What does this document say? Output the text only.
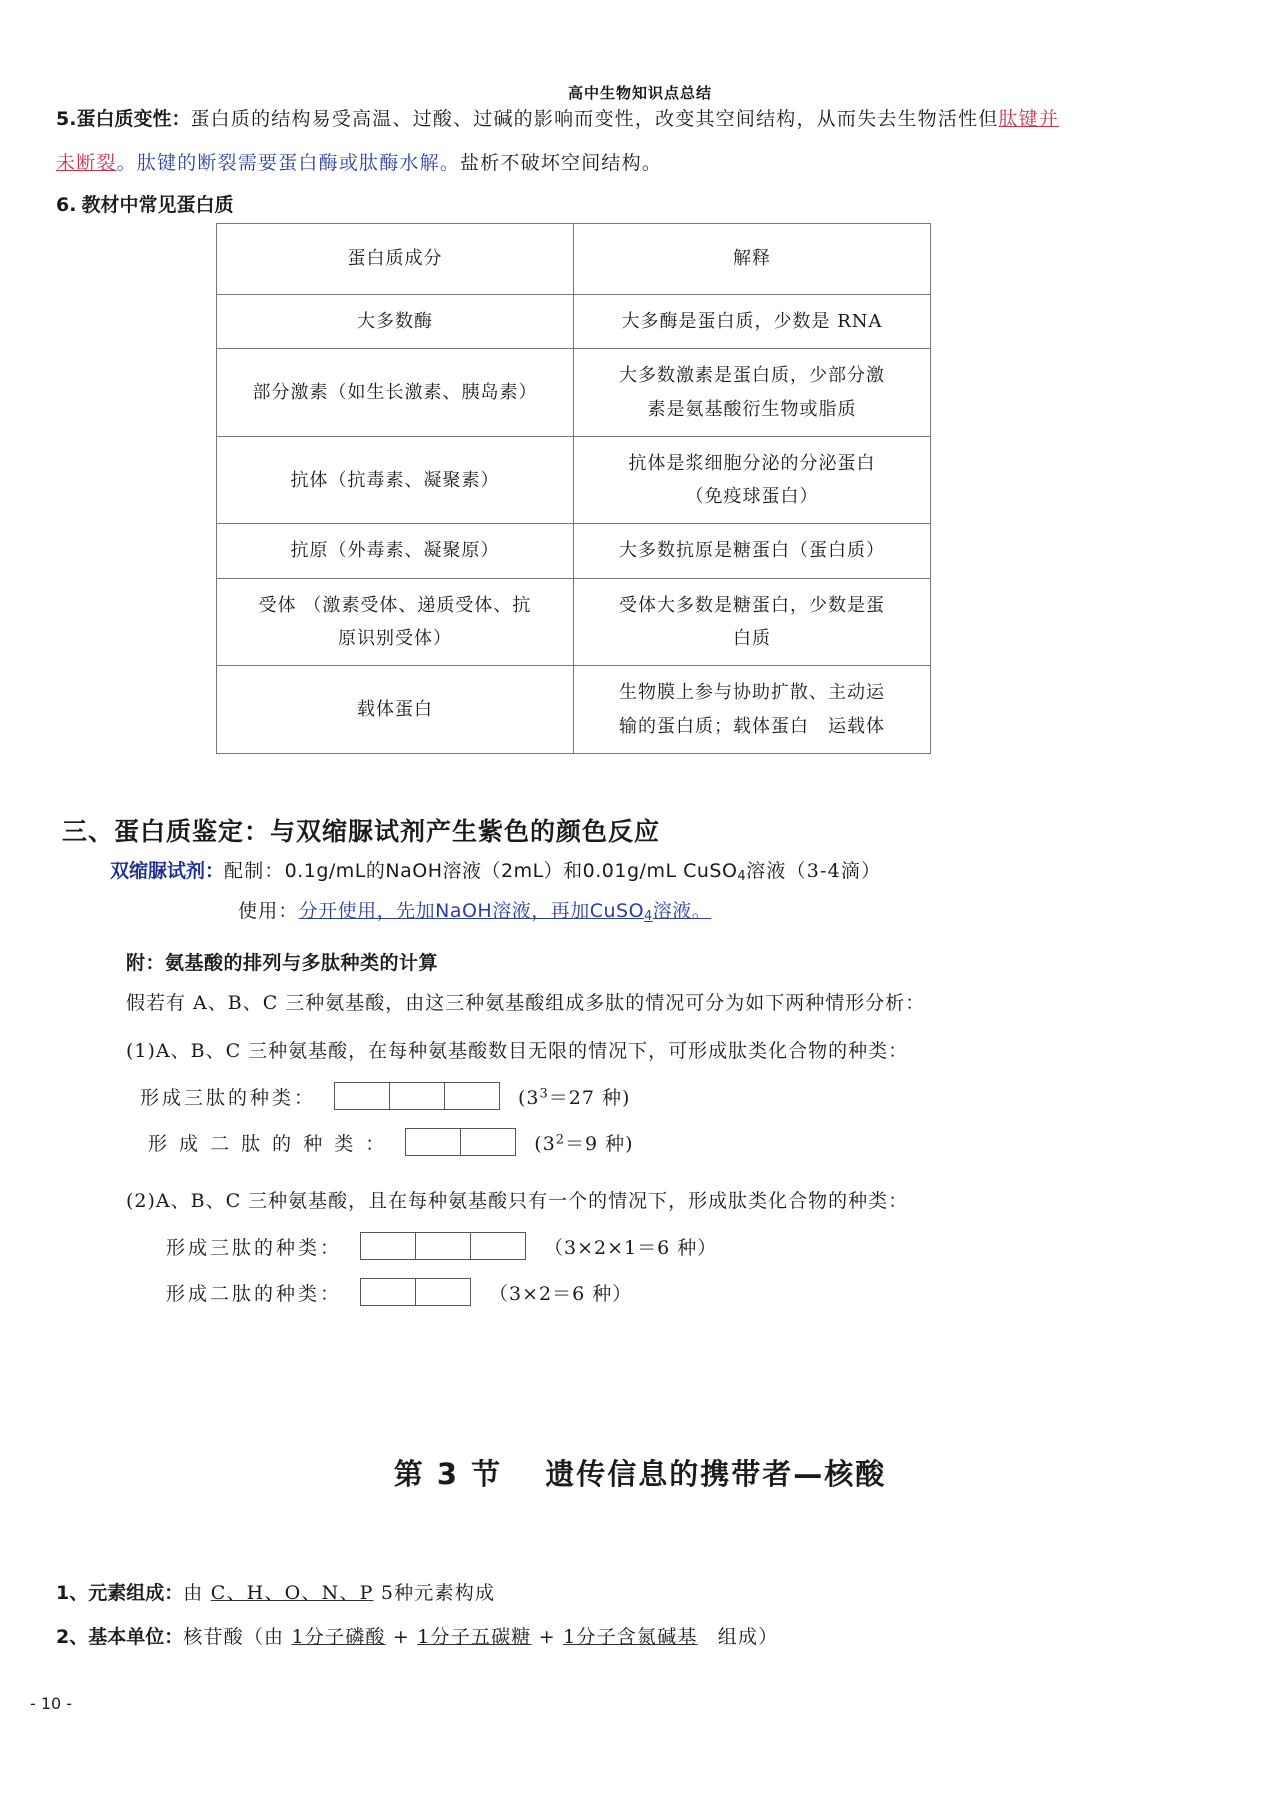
高中生物知识点总结
5.蛋白质变性：蛋白质的结构易受高温、过酸、过碱的影响而变性，改变其空间结构，从而失去生物活性但肽键并
未断裂。肽键的断裂需要蛋白酶或肽酶水解。盐析不破坏空间结构。
6. 教材中常见蛋白质
蛋白质成分	解释
大多数酶	大多酶是蛋白质，少数是 RNA
部分激素（如生长激素、胰岛素）	大多数激素是蛋白质，少部分激
素是氨基酸衍生物或脂质
抗体（抗毒素、凝聚素）	抗体是浆细胞分泌的分泌蛋白
（免疫球蛋白）
抗原（外毒素、凝聚原）	大多数抗原是糖蛋白（蛋白质）
受体 （激素受体、递质受体、抗
原识别受体）	受体大多数是糖蛋白，少数是蛋
白质
载体蛋白	生物膜上参与协助扩散、主动运
输的蛋白质；载体蛋白　运载体
三、蛋白质鉴定：与双缩脲试剂产生紫色的颜色反应
双缩脲试剂：配制：0.1g/mL的NaOH溶液（2mL）和0.01g/mL CuSO$_4$溶液（3-4滴）
使用：分开使用，先加NaOH溶液，再加CuSO$_4$溶液。
附：氨基酸的排列与多肽种类的计算
假若有 A、B、C 三种氨基酸，由这三种氨基酸组成多肽的情况可分为如下两种情形分析：
(1)A、B、C 三种氨基酸，在每种氨基酸数目无限的情况下，可形成肽类化合物的种类：
形成三肽的种类：	($3^3=27$ 种)
形 成 二 肽 的 种 类 ：	($3^2=9$ 种)
(2)A、B、C 三种氨基酸，且在每种氨基酸只有一个的情况下，形成肽类化合物的种类：
形成三肽的种类：	（3×2×1＝6 种）
形成二肽的种类：	（3×2＝6 种）
第 3 节　 遗传信息的携带者—核酸
1、元素组成：由 C、H、O、N、P 5种元素构成
2、基本单位：核苷酸（由 1分子磷酸 + 1分子五碳糖 + 1分子含氮碱基　组成）
- 10 -
